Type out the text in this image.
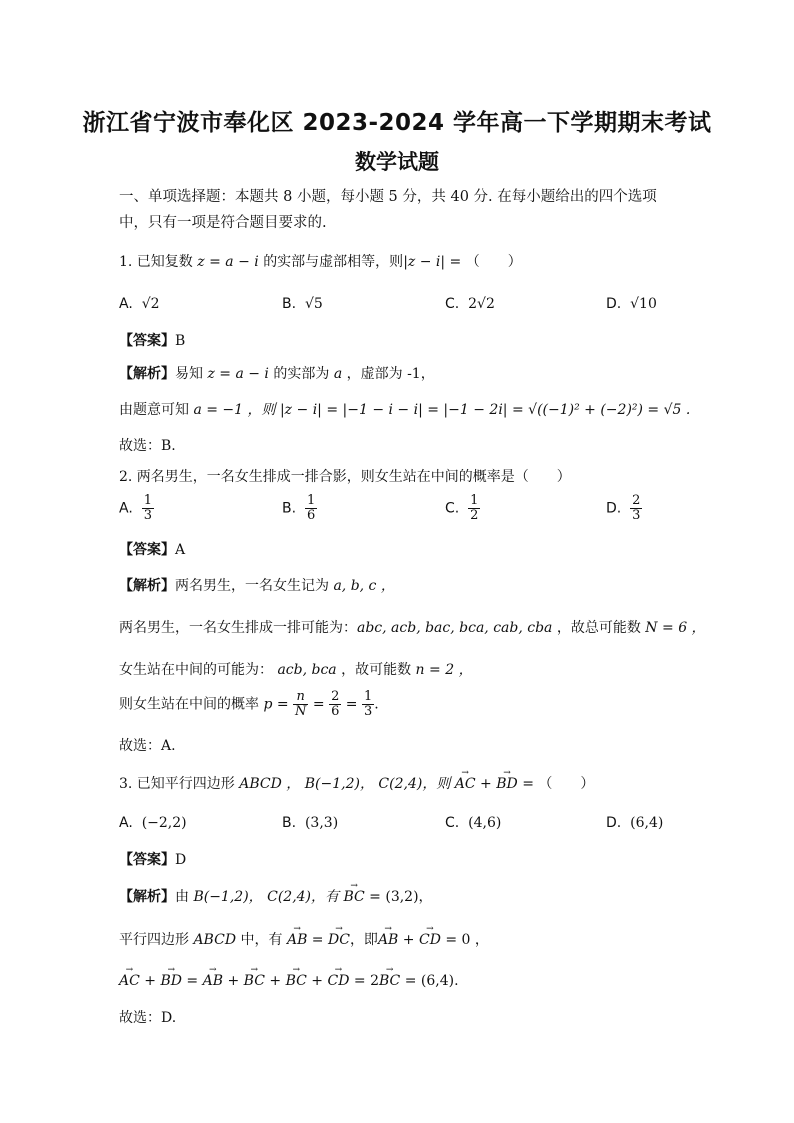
浙江省宁波市奉化区 2023-2024 学年高一下学期期末考试
数学试题
一、单项选择题：本题共 8 小题，每小题 5 分，共 40 分. 在每小题给出的四个选项中，只有一项是符合题目要求的.
1. 已知复数 z = a − i 的实部与虚部相等，则|z − i| = （　　）
A. √2	B. √5	C. 2√2	D. √10
【答案】B
【解析】易知 z = a − i 的实部为 a ，虚部为 -1，
由题意可知 a = −1 ，则 |z − i| = |−1 − i − i| = |−1 − 2i| = √((−1)² + (−2)²) = √5 .
故选：B.
2. 两名男生，一名女生排成一排合影，则女生站在中间的概率是（　　）
A. $\frac{1}{3}$	B. $\frac{1}{6}$	C. $\frac{1}{2}$	D. $\frac{2}{3}$
【答案】A
【解析】两名男生，一名女生记为 a, b, c ，
两名男生，一名女生排成一排可能为：abc, acb, bac, bca, cab, cba ，故总可能数 N = 6 ，
女生站在中间的可能为： acb, bca ，故可能数 n = 2 ，
则女生站在中间的概率 $p = \frac{n}{N} = \frac{2}{6} = \frac{1}{3}$ .
故选：A.
3. 已知平行四边形 ABCD ， B(−1,2)， C(2,4)，则 → AC + → BD = （　　）
A. (−2,2)	B. (3,3)	C. (4,6)	D. (6,4)
【答案】D
【解析】由 B(−1,2)， C(2,4)，有 → BC = (3,2)，
平行四边形 ABCD 中，有 → AB = → DC，即→ AB + → CD = 0 ，
→ AC + → BD = → AB + → BC + → BC + → CD = 2→ BC = (6,4).
故选：D.
